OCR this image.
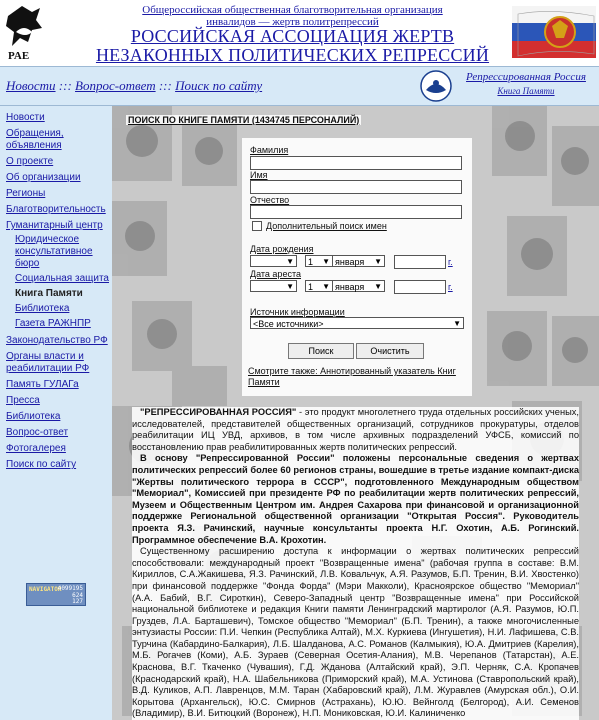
PAE
Общероссийская общественная благотворительная организация инвалидов — жертв политрепрессий
РОССИЙСКАЯ АССОЦИАЦИЯ ЖЕРТВ НЕЗАКОННЫХ ПОЛИТИЧЕСКИХ РЕПРЕССИЙ
Новости ::: Вопрос-ответ ::: Поиск по сайту
Репрессированная Россия
Книга Памяти
Новости
Обращения, объявления
О проекте
Об организации
Регионы
Благотворительность
Гуманитарный центр
Юридическое консультативное бюро
Социальная защита
Книга Памяти
Библиотека
Газета РАЖНПР
Законодательство РФ
Органы власти и реабилитации РФ
Память ГУЛАГа
Пресса
Библиотека
Вопрос-ответ
Фотогалерея
Поиск по сайту
NAVIGATOR
4099195
624
127
ПОИСК ПО КНИГЕ ПАМЯТИ (1434745 ПЕРСОНАЛИЙ)
Фамилия
Имя
Отчество
Дополнительный поиск имен
Дата рождения
▼	1 ▼ января ▼	г.
Дата ареста
▼	1 ▼ января ▼	г.
Источник информации
<Все источники>	▼
Поиск	Очистить
Смотрите также: Аннотированный указатель Книг Памяти

"РЕПРЕССИРОВАННАЯ РОССИЯ" - это продукт многолетнего труда отдельных российских ученых, исследователей, представителей общественных организаций, сотрудников прокуратуры, отделов реабилитации ИЦ УВД, архивов, в том числе архивных подразделений УФСБ, комиссий по восстановлению прав реабилитированных жертв политических репрессий.

В основу "Репрессированной России" положены персональные сведения о жертвах политических репрессий более 60 регионов страны, вошедшие в третье издание компакт-диска "Жертвы политического террора в СССР", подготовленного Международным обществом "Мемориал", Комиссией при президенте РФ по реабилитации жертв политических репрессий, Музеем и Общественным Центром им. Андрея Сахарова при финансовой и организационной поддержке Региональной общественной организации "Открытая Россия". Руководитель проекта Я.З. Рачинский, научные консультанты проекта Н.Г. Охотин, А.Б. Рогинский. Программное обеспечение В.А. Крохотин.

Существенному расширению доступа к информации о жертвах политических репрессий способствовали: международный проект "Возвращенные имена" (рабочая группа в составе: В.М. Кириллов, С.А.Жакишева, Я.З. Рачинский, Л.В. Ковальчук, А.Я. Разумов, Б.П. Тренин, В.И. Хвостенко) при финансовой поддержке "Фонда Форда" (Мэри Макколи), Красноярское общество "Мемориал" (А.А. Бабий, В.Г. Сироткин), Северо-Западный центр "Возвращенные имена" при Российской национальной библиотеке и редакция Книги памяти Ленинградский мартиролог (А.Я. Разумов, Ю.П. Груздев, Л.А. Барташевич), Томское общество "Мемориал" (Б.П. Тренин), а также многочисленные энтузиасты России: П.И. Чепкин (Республика Алтай), М.Х. Куркиева (Ингушетия), Н.И. Лафишева, С.В. Турчина (Кабардино-Балкария), Л.Б. Шалданова, А.С. Романов (Калмыкия), Ю.А. Дмитриев (Карелия), М.Б. Рогачев (Коми), А.Б. Зураев (Северная Осетия-Алания), М.В. Черепанов (Татарстан), А.Е. Краснова, В.Г. Ткаченко (Чувашия), Г.Д. Жданова (Алтайский край), Э.П. Черняк, С.А. Кропачев (Краснодарский край), Н.А. Шабельникова (Приморский край), М.А. Устинова (Ставропольский край), В.Д. Куликов, А.П. Лавренцов, М.М. Таран (Хабаровский край), Л.М. Журавлев (Амурская обл.), О.И. Корытова (Архангельск), Ю.С. Смирнов (Астрахань), Ю.Ю. Вейнголд (Белгород), А.И. Семенов (Владимир), В.И. Битюцкий (Воронеж), Н.П. Мониковская, Ю.И. Калиниченко
